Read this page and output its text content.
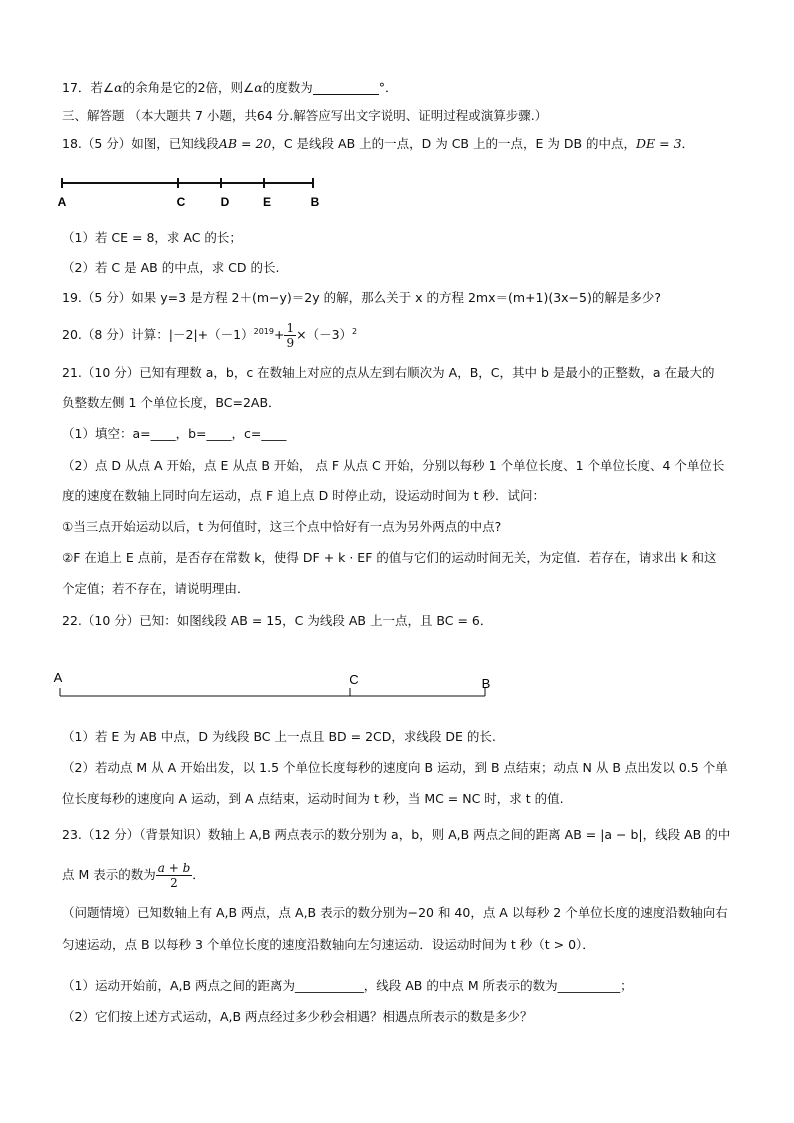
17．若∠α的余角是它的2倍，则∠α的度数为	°．
三、解答题 （本大题共 7 小题，共64 分.解答应写出文字说明、证明过程或演算步骤.）
18.（5 分）如图，已知线段AB = 20，C 是线段 AB 上的一点，D 为 CB 上的一点，E 为 DB 的中点，DE = 3．
A	C	D	E	B
（1）若 CE = 8，求 AC 的长；
（2）若 C 是 AB 的中点，求 CD 的长.
19.（5 分）如果 y=3 是方程 2＋(m−y)＝2y 的解，那么关于 x 的方程 2mx＝(m+1)(3x−5)的解是多少?
20.（8 分）计算：$|-2|+(-1)^{2019}+ \frac{1}{9} \times(-3)^2$
21.（10 分）已知有理数 a，b，c 在数轴上对应的点从左到右顺次为 A，B，C，其中 b 是最小的正整数，a 在最大的
负整数左侧 1 个单位长度，BC=2AB．
（1）填空：a=____，b=____，c=____
（2）点 D 从点 A 开始，点 E 从点 B 开始， 点 F 从点 C 开始，分别以每秒 1 个单位长度、1 个单位长度、4 个单位长
度的速度在数轴上同时向左运动，点 F 追上点 D 时停止动，设运动时间为 t 秒．试问：
①当三点开始运动以后，t 为何值时，这三个点中恰好有一点为另外两点的中点?
②F 在追上 E 点前，是否存在常数 k，使得 DF + k · EF 的值与它们的运动时间无关，为定值．若存在，请求出 k 和这
个定值；若不存在，请说明理由．
22.（10 分）已知：如图线段 AB = 15，C 为线段 AB 上一点，且 BC = 6．
A	C	B
（1）若 E 为 AB 中点，D 为线段 BC 上一点且 BD = 2CD，求线段 DE 的长.
（2）若动点 M 从 A 开始出发，以 1.5 个单位长度每秒的速度向 B 运动，到 B 点结束；动点 N 从 B 点出发以 0.5 个单
位长度每秒的速度向 A 运动，到 A 点结束，运动时间为 t 秒，当 MC = NC 时，求 t 的值.
23.（12 分）（背景知识）数轴上 A,B 两点表示的数分别为 a，b，则 A,B 两点之间的距离 AB = |a − b|，线段 AB 的中
点 M 表示的数为 $\frac{a + b}{2}$ ．
（问题情境）已知数轴上有 A,B 两点，点 A,B 表示的数分别为−20 和 40，点 A 以每秒 2 个单位长度的速度沿数轴向右
匀速运动，点 B 以每秒 3 个单位长度的速度沿数轴向左匀速运动．设运动时间为 t 秒（t > 0）．
（1）运动开始前，A,B 两点之间的距离为___________，线段 AB 的中点 M 所表示的数为__________；
（2）它们按上述方式运动，A,B 两点经过多少秒会相遇？相遇点所表示的数是多少？
